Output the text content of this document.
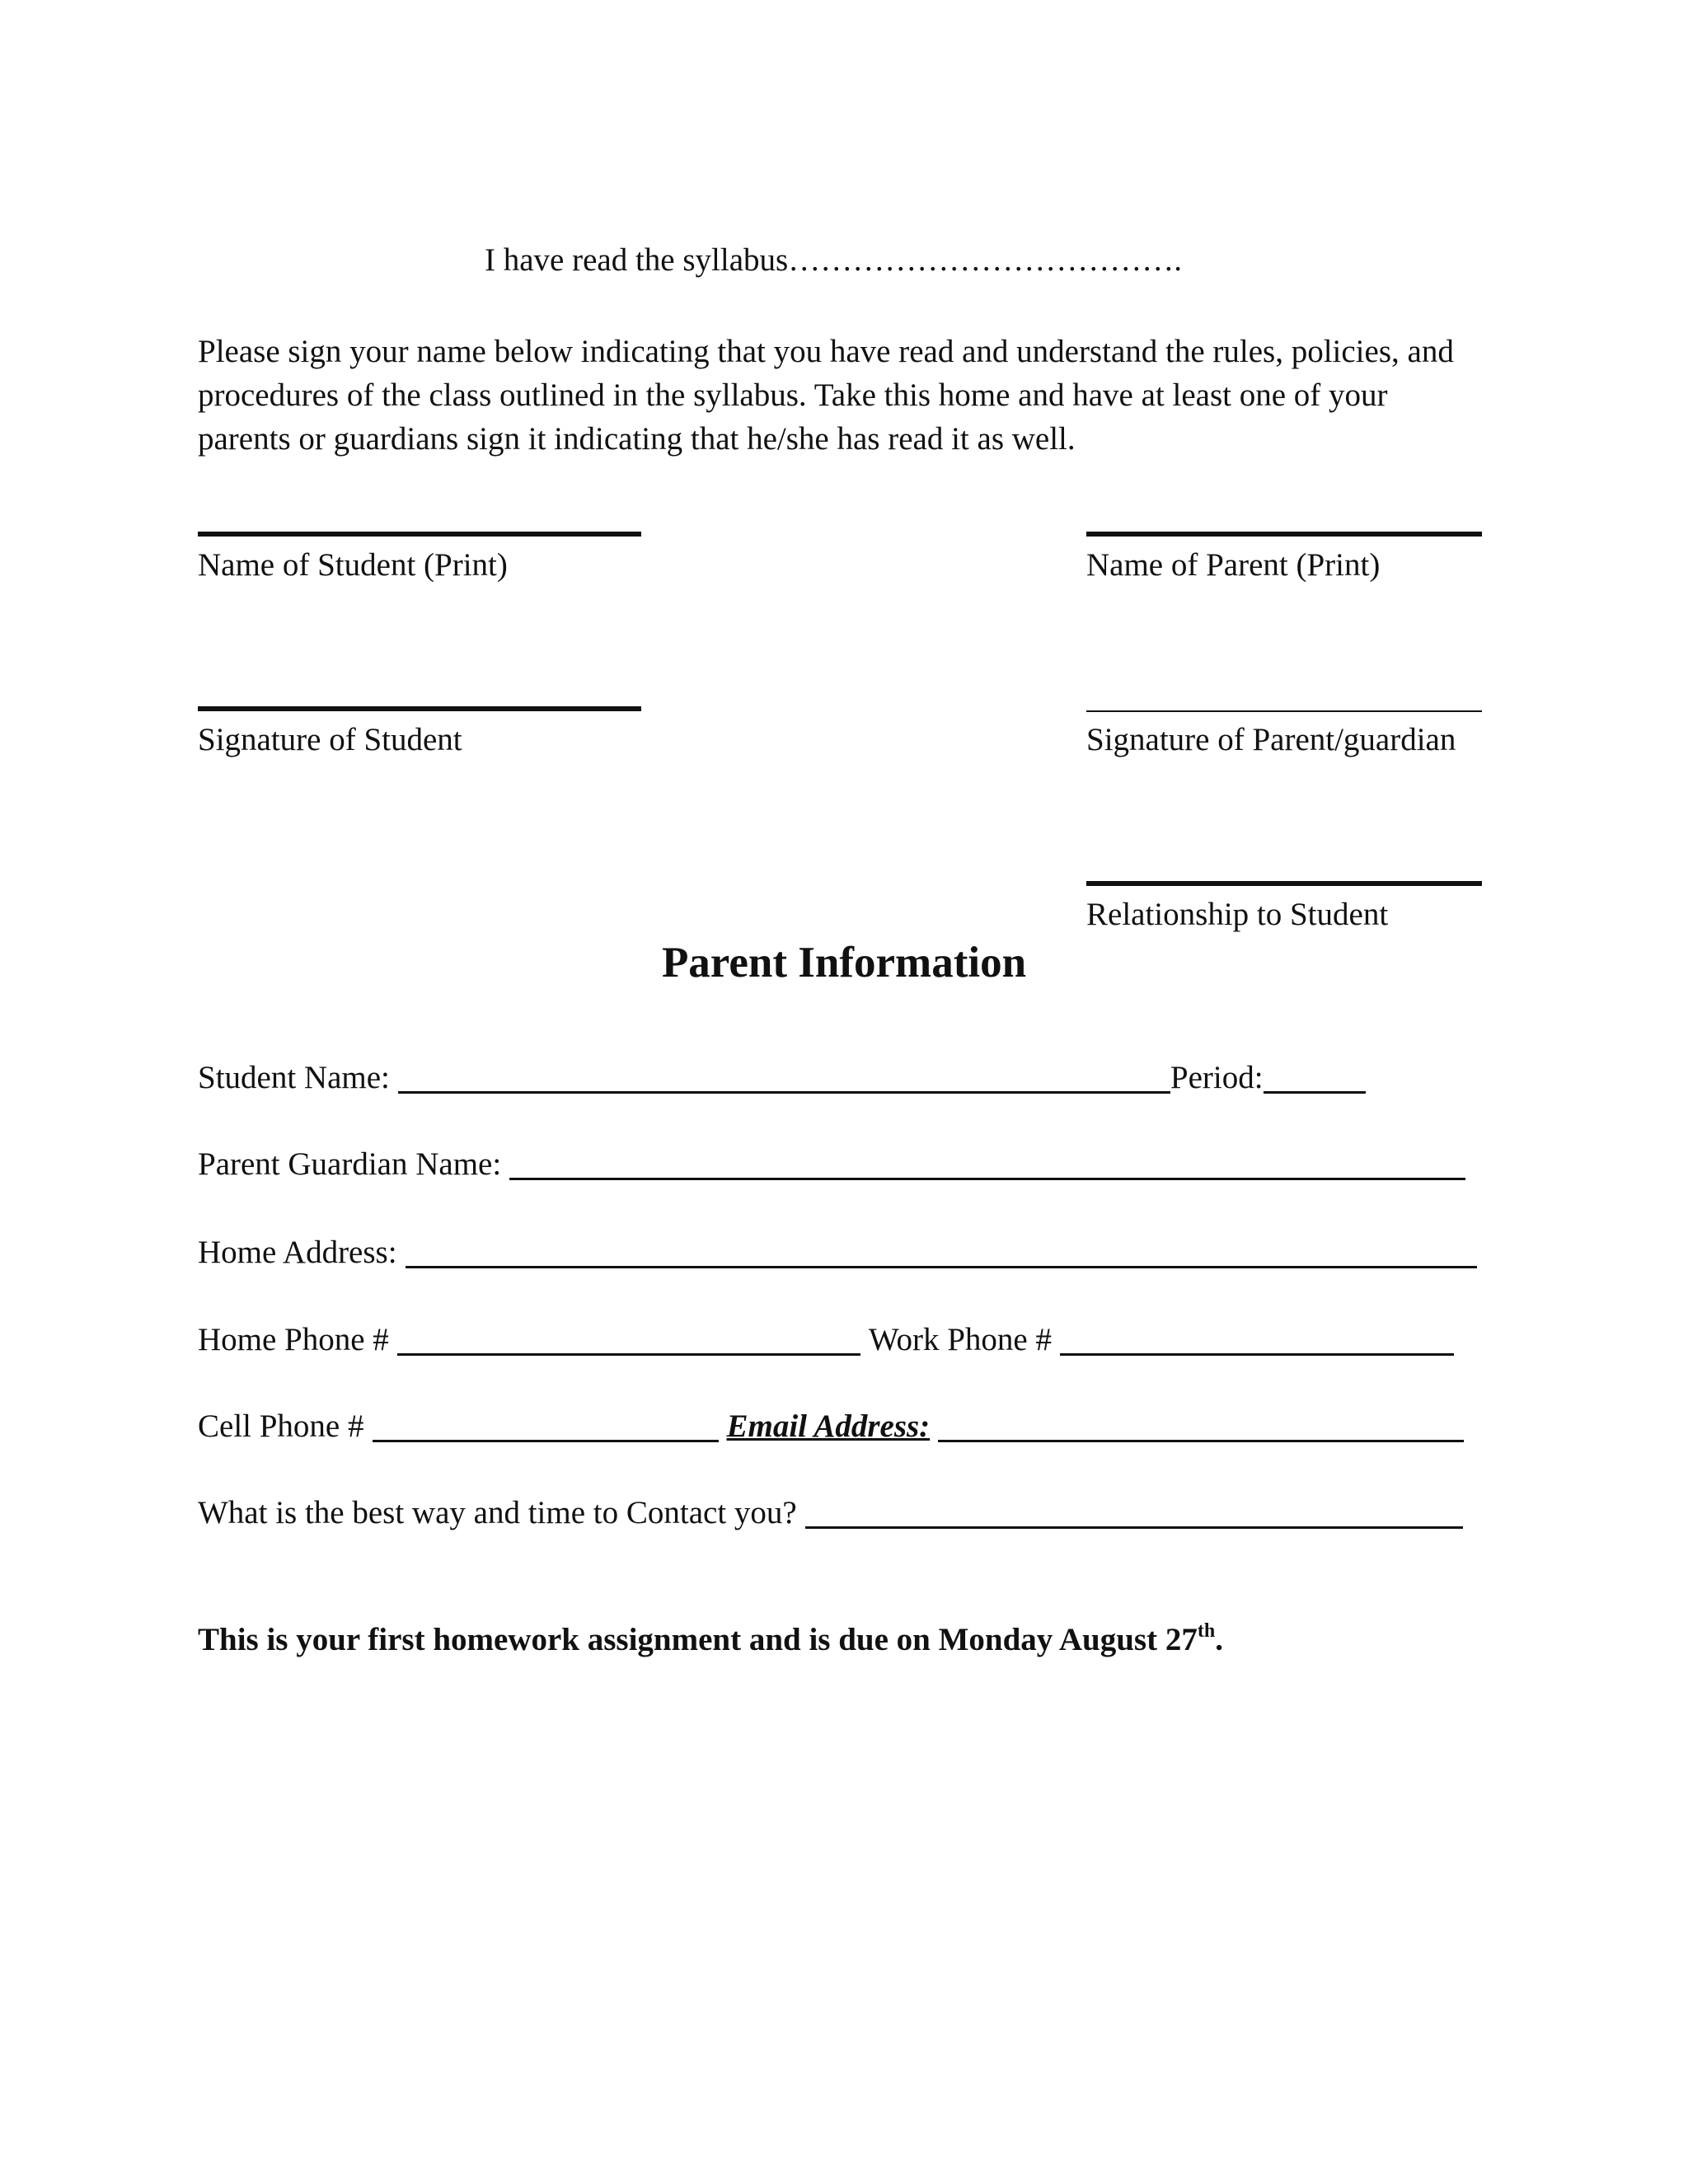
I have read the syllabus……………………………….
Please sign your name below indicating that you have read and understand the rules, policies, and procedures of the class outlined in the syllabus. Take this home and have at least one of your parents or guardians sign it indicating that he/she has read it as well.
Name of Student (Print)	Name of Parent (Print)
Signature of Student	Signature of Parent/guardian
Relationship to Student
Parent Information
Student Name:	Period:
Parent Guardian Name:
Home Address:
Home Phone #	Work Phone #
Cell Phone #	Email Address:
What is the best way and time to Contact you?
This is your first homework assignment and is due on Monday August 27th.
